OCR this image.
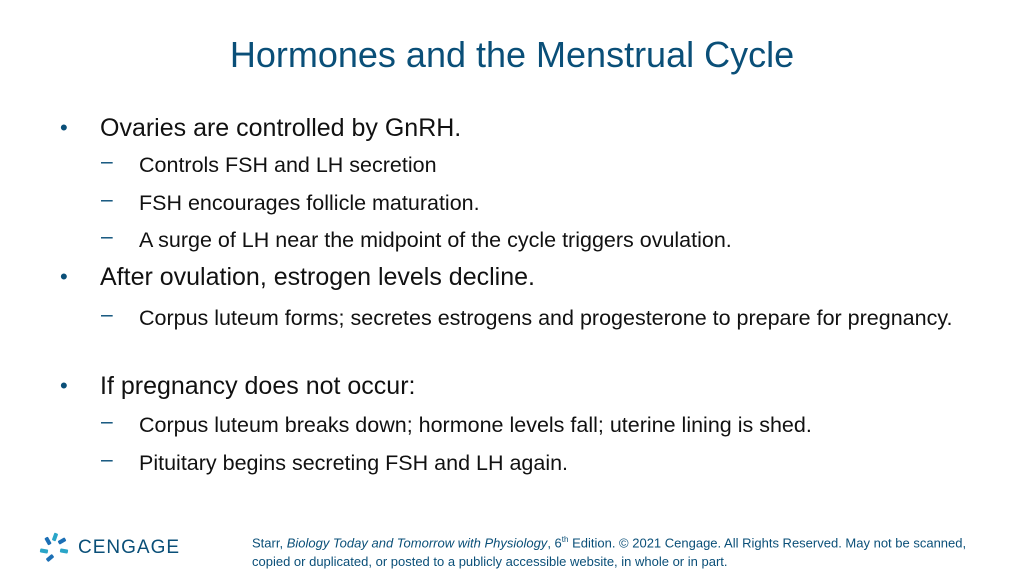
Hormones and the Menstrual Cycle
• Ovaries are controlled by GnRH.
– Controls FSH and LH secretion
– FSH encourages follicle maturation.
– A surge of LH near the midpoint of the cycle triggers ovulation.
• After ovulation, estrogen levels decline.
– Corpus luteum forms; secretes estrogens and progesterone to prepare for pregnancy.
• If pregnancy does not occur:
– Corpus luteum breaks down; hormone levels fall; uterine lining is shed.
– Pituitary begins secreting FSH and LH again.
CENGAGE	Starr, Biology Today and Tomorrow with Physiology, 6th Edition. © 2021 Cengage. All Rights Reserved. May not be scanned, copied or duplicated, or posted to a publicly accessible website, in whole or in part.
